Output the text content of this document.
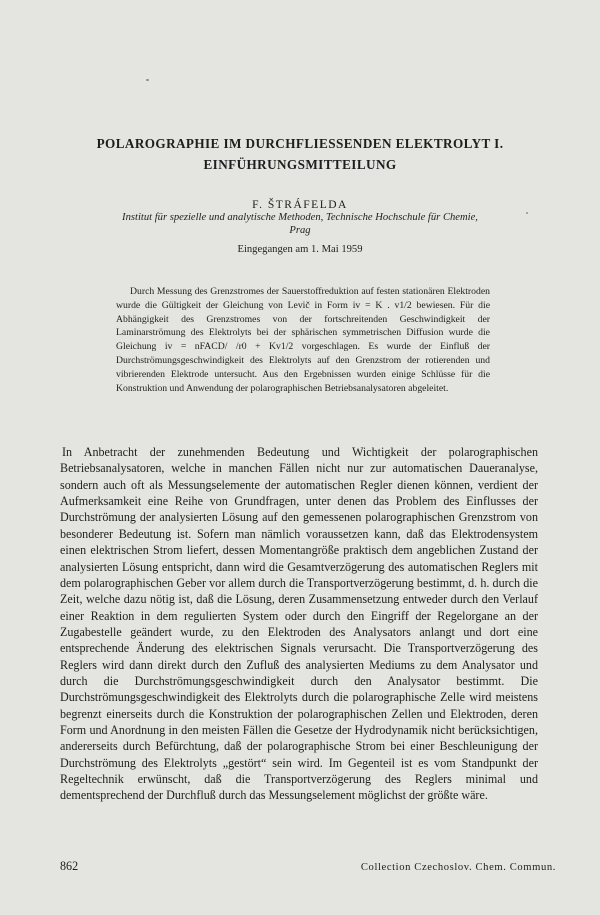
POLAROGRAPHIE IM DURCHFLIESSENDEN ELEKTROLYT I.
EINFÜHRUNGSMITTEILUNG
F. ŠTRÁFELDA
Institut für spezielle und analytische Methoden, Technische Hochschule für Chemie,
Prag
Eingegangen am 1. Mai 1959

Durch Messung des Grenzstromes der Sauerstoffreduktion auf festen stationären Elektroden wurde die Gültigkeit der Gleichung von Levič in Form iv = K . v1/2 bewiesen. Für die Abhängigkeit des Grenzstromes von der fortschreitenden Geschwindigkeit der Laminarströmung des Elektrolyts bei der sphärischen symmetrischen Diffusion wurde die Gleichung iv = nFACD/ /r0 + Kv1/2 vorgeschlagen. Es wurde der Einfluß der Durchströmungsgeschwindigkeit des Elektrolyts auf den Grenzstrom der rotierenden und vibrierenden Elektrode untersucht. Aus den Ergebnissen wurden einige Schlüsse für die Konstruktion und Anwendung der polarographischen Betriebsanalysatoren abgeleitet.

In Anbetracht der zunehmenden Bedeutung und Wichtigkeit der polarographischen Betriebsanalysatoren, welche in manchen Fällen nicht nur zur automatischen Daueranalyse, sondern auch oft als Messungselemente der automatischen Regler dienen können, verdient der Aufmerksamkeit eine Reihe von Grundfragen, unter denen das Problem des Einflusses der Durchströmung der analysierten Lösung auf den gemessenen polarographischen Grenzstrom von besonderer Bedeutung ist. Sofern man nämlich voraussetzen kann, daß das Elektrodensystem einen elektrischen Strom liefert, dessen Momentangröße praktisch dem angeblichen Zustand der analysierten Lösung entspricht, dann wird die Gesamtverzögerung des automatischen Reglers mit dem polarographischen Geber vor allem durch die Transportverzögerung bestimmt, d. h. durch die Zeit, welche dazu nötig ist, daß die Lösung, deren Zusammensetzung entweder durch den Verlauf einer Reaktion in dem regulierten System oder durch den Eingriff der Regelorgane an der Zugabestelle geändert wurde, zu den Elektroden des Analysators anlangt und dort eine entsprechende Änderung des elektrischen Signals verursacht. Die Transportverzögerung des Reglers wird dann direkt durch den Zufluß des analysierten Mediums zu dem Analysator und durch die Durchströmungsgeschwindigkeit durch den Analysator bestimmt. Die Durchströmungsgeschwindigkeit des Elektrolyts durch die polarographische Zelle wird meistens begrenzt einerseits durch die Konstruktion der polarographischen Zellen und Elektroden, deren Form und Anordnung in den meisten Fällen die Gesetze der Hydrodynamik nicht berücksichtigen, andererseits durch Befürchtung, daß der polarographische Strom bei einer Beschleunigung der Durchströmung des Elektrolyts „gestört“ sein wird. Im Gegenteil ist es vom Standpunkt der Regeltechnik erwünscht, daß die Transportverzögerung des Reglers minimal und dementsprechend der Durchfluß durch das Messungselement möglichst der größte wäre.

862	Collection Czechoslov. Chem. Commun.
